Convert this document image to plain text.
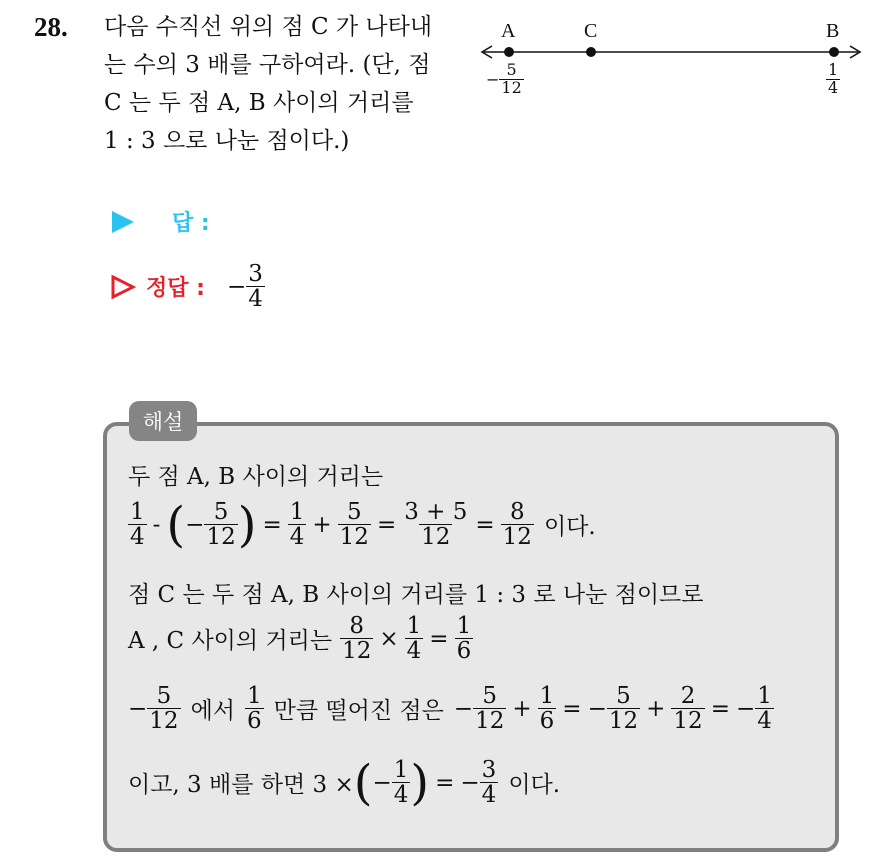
28. 다음 수직선 위의 점 C 가 나타내
는 수의 3 배를 구하여라. (단, 점
C 는 두 점 A, B 사이의 거리를
1 : 3 으로 나눈 점이다.)
A	C	B
− $\frac{5}{12}$	$\frac{1}{4}$
답 :
정답 : − $\frac{3}{4}$
해설
두 점 A, B 사이의 거리는
$\frac{1}{4}$ - ( − $\frac{5}{12}$ ) = $\frac{1}{4} + \frac{5}{12} = \frac{3 + 5}{12} = \frac{8}{12}$ 이다.
점 C 는 두 점 A, B 사이의 거리를 1 : 3 로 나눈 점이므로
A , C 사이의 거리는 $\frac{8}{12} \times \frac{1}{4} = \frac{1}{6}$
− $\frac{5}{12}$ 에서 $\frac{1}{6}$ 만큼 떨어진 점은 − $\frac{5}{12} + \frac{1}{6}$ = − $\frac{5}{12} + \frac{2}{12}$ = − $\frac{1}{4}$
이고, 3 배를 하면 3 × ( − $\frac{1}{4}$ ) = − $\frac{3}{4}$ 이다.
